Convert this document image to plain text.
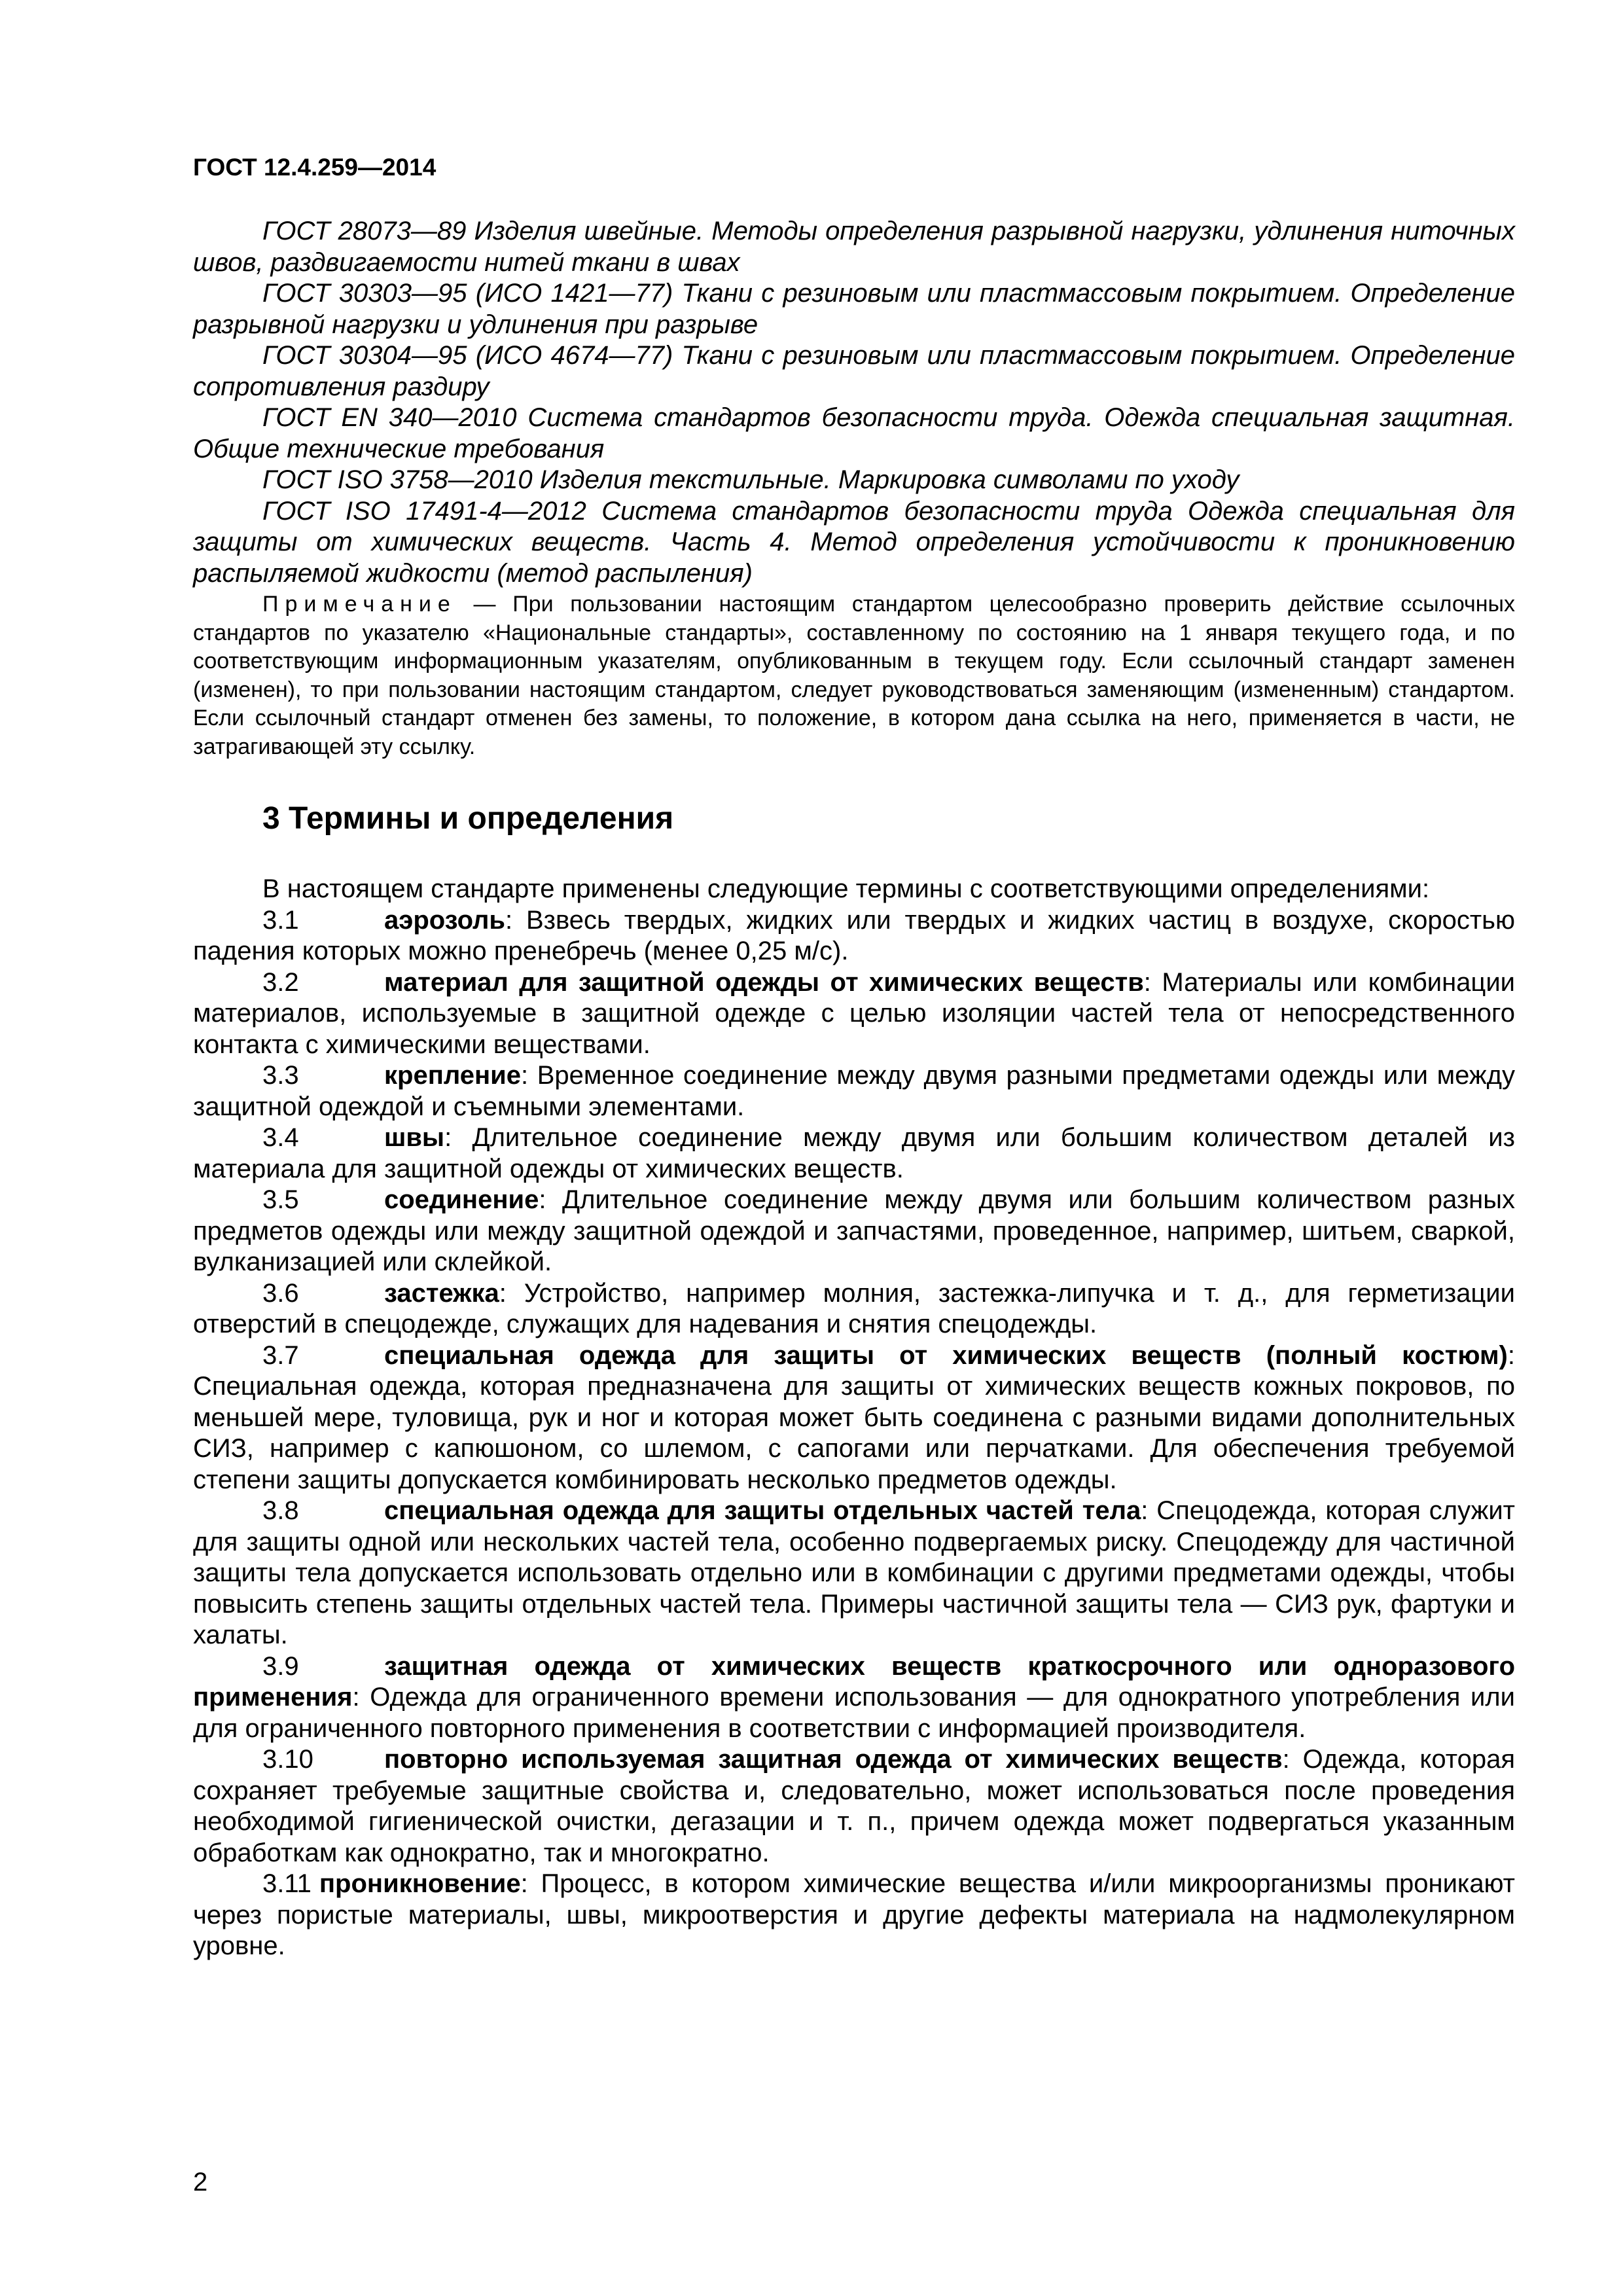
ГОСТ 12.4.259—2014

ГОСТ 28073—89 Изделия швейные. Методы определения разрывной нагрузки, удлинения ниточных швов, раздвигаемости нитей ткани в швах

ГОСТ 30303—95 (ИСО 1421—77) Ткани с резиновым или пластмассовым покрытием. Определение разрывной нагрузки и удлинения при разрыве

ГОСТ 30304—95 (ИСО 4674—77) Ткани с резиновым или пластмассовым покрытием. Определение сопротивления раздиру

ГОСТ EN 340—2010 Система стандартов безопасности труда. Одежда специальная защитная. Общие технические требования

ГОСТ ISO 3758—2010 Изделия текстильные. Маркировка символами по уходу

ГОСТ ISO 17491-4—2012 Система стандартов безопасности труда Одежда специальная для защиты от химических веществ. Часть 4. Метод определения устойчивости к проникновению распыляемой жидкости (метод распыления)

Примечание — При пользовании настоящим стандартом целесообразно проверить действие ссылочных стандартов по указателю «Национальные стандарты», составленному по состоянию на 1 января текущего года, и по соответствующим информационным указателям, опубликованным в текущем году. Если ссылочный стандарт заменен (изменен), то при пользовании настоящим стандартом, следует руководствоваться заменяющим (измененным) стандартом. Если ссылочный стандарт отменен без замены, то положение, в котором дана ссылка на него, применяется в части, не затрагивающей эту ссылку.

3 Термины и определения

В настоящем стандарте применены следующие термины с соответствующими определениями:

3.1	аэрозоль: Взвесь твердых, жидких или твердых и жидких частиц в воздухе, скоростью падения которых можно пренебречь (менее 0,25 м/с).

3.2	материал для защитной одежды от химических веществ: Материалы или комбинации материалов, используемые в защитной одежде с целью изоляции частей тела от непосредственного контакта с химическими веществами.

3.3	крепление: Временное соединение между двумя разными предметами одежды или между защитной одеждой и съемными элементами.

3.4	швы: Длительное соединение между двумя или большим количеством деталей из материала для защитной одежды от химических веществ.

3.5	соединение: Длительное соединение между двумя или большим количеством разных предметов одежды или между защитной одеждой и запчастями, проведенное, например, шитьем, сваркой, вулканизацией или склейкой.

3.6	застежка: Устройство, например молния, застежка-липучка и т. д., для герметизации отверстий в спецодежде, служащих для надевания и снятия спецодежды.

3.7	специальная одежда для защиты от химических веществ (полный костюм): Специальная одежда, которая предназначена для защиты от химических веществ кожных покровов, по меньшей мере, туловища, рук и ног и которая может быть соединена с разными видами дополнительных СИЗ, например с капюшоном, со шлемом, с сапогами или перчатками. Для обеспечения требуемой степени защиты допускается комбинировать несколько предметов одежды.

3.8	специальная одежда для защиты отдельных частей тела: Спецодежда, которая служит для защиты одной или нескольких частей тела, особенно подвергаемых риску. Спецодежду для частичной защиты тела допускается использовать отдельно или в комбинации с другими предметами одежды, чтобы повысить степень защиты отдельных частей тела. Примеры частичной защиты тела — СИЗ рук, фартуки и халаты.

3.9	защитная одежда от химических веществ краткосрочного или одноразового применения: Одежда для ограниченного времени использования — для однократного употребления или для ограниченного повторного применения в соответствии с информацией производителя.

3.10	повторно используемая защитная одежда от химических веществ: Одежда, которая сохраняет требуемые защитные свойства и, следовательно, может использоваться после проведения необходимой гигиенической очистки, дегазации и т. п., причем одежда может подвергаться указанным обработкам как однократно, так и многократно.

3.11 проникновение: Процесс, в котором химические вещества и/или микроорганизмы проникают через пористые материалы, швы, микроотверстия и другие дефекты материала на надмолекулярном уровне.

2
